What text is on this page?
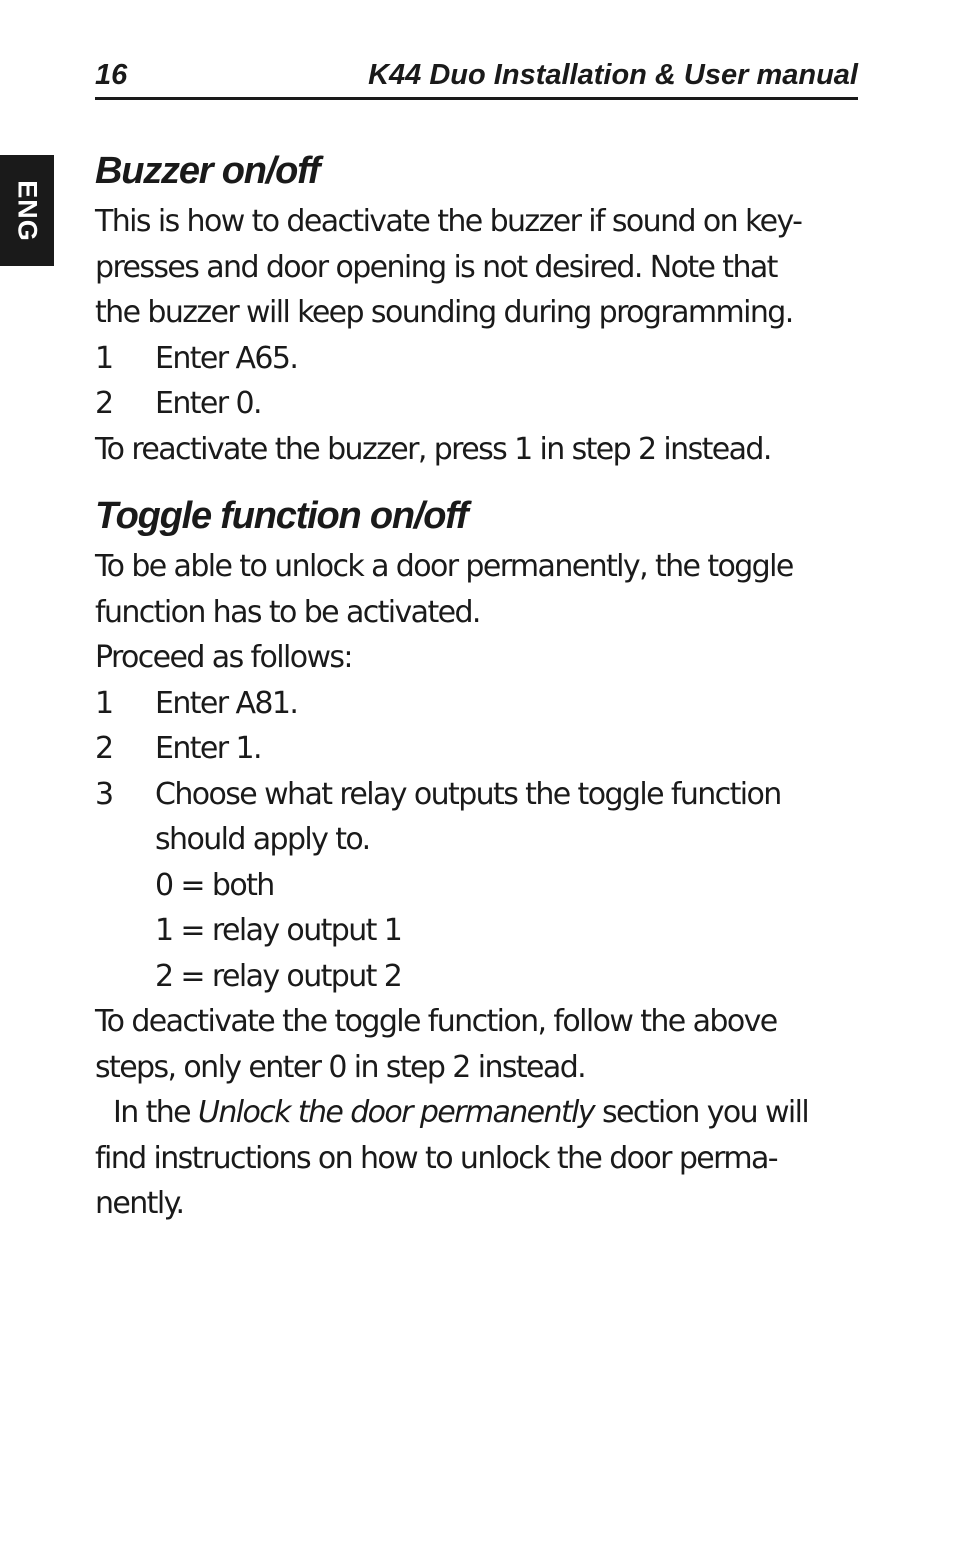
16	K44 Duo Installation & User manual
ENG
Buzzer on/off

This is how to deactivate the buzzer if sound on key-

presses and door opening is not desired. Note that

the buzzer will keep sounding during programming.

1	Enter A65.
2	Enter 0.

To reactivate the buzzer, press 1 in step 2 instead.

Toggle function on/off

To be able to unlock a door permanently, the toggle

function has to be activated.

Proceed as follows:

1	Enter A81.
2	Enter 1.
3	Choose what relay outputs the toggle function
should apply to.

0 = both

1 = relay output 1

2 = relay output 2

To deactivate the toggle function, follow the above

steps, only enter 0 in step 2 instead.

In the Unlock the door permanently section you will

find instructions on how to unlock the door perma-

nently.
